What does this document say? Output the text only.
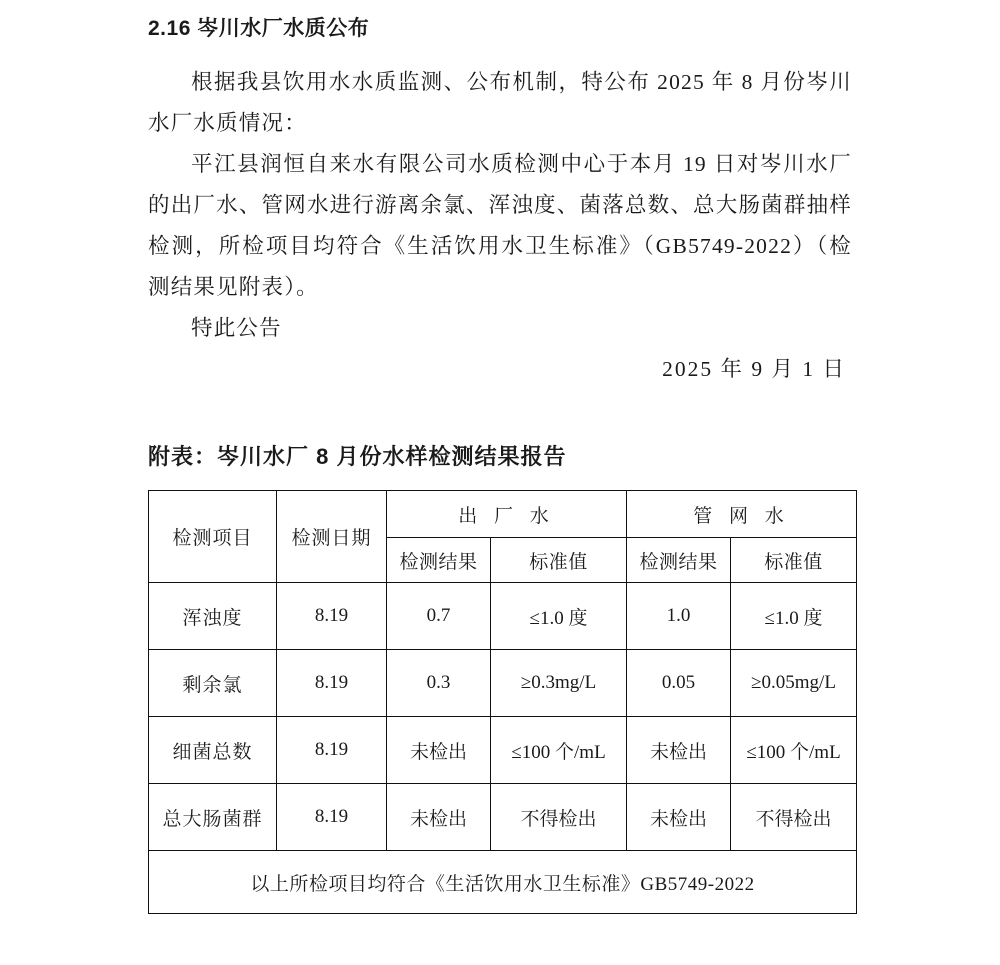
2.16 岑川水厂水质公布

根据我县饮用水水质监测、公布机制，特公布 2025 年 8 月份岑川水厂水质情况：

平江县润恒自来水有限公司水质检测中心于本月 19 日对岑川水厂的出厂水、管网水进行游离余氯、浑浊度、菌落总数、总大肠菌群抽样检测，所检项目均符合《生活饮用水卫生标准》（GB5749-2022）（检测结果见附表）。

特此公告

2025 年 9 月 1 日

附表：岑川水厂 8 月份水样检测结果报告
检测项目	检测日期	出 厂 水		管 网 水	
		检测结果	标准值	检测结果	标准值
浑浊度	8.19	0.7	≤1.0 度	1.0	≤1.0 度
剩余氯	8.19	0.3	≥0.3mg/L	0.05	≥0.05mg/L
细菌总数	8.19	未检出	≤100 个/mL	未检出	≤100 个/mL
总大肠菌群	8.19	未检出	不得检出	未检出	不得检出
以上所检项目均符合《生活饮用水卫生标准》GB5749-2022					
